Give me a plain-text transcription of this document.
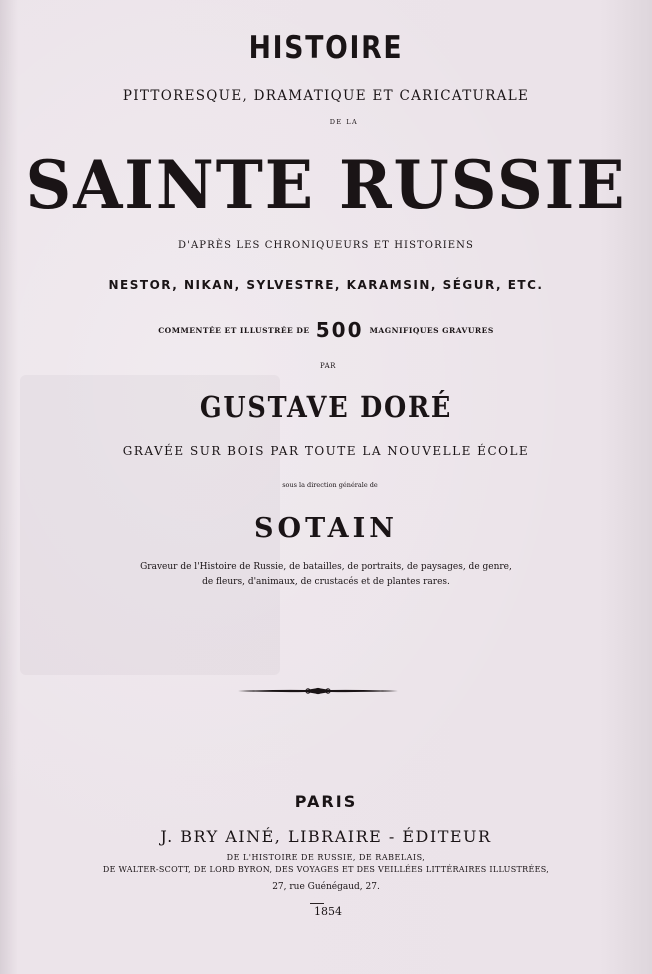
HISTOIRE
PITTORESQUE, DRAMATIQUE ET CARICATURALE
DE LA
SAINTE RUSSIE
D'APRÈS LES CHRONIQUEURS ET HISTORIENS
NESTOR, NIKAN, SYLVESTRE, KARAMSIN, SÉGUR, ETC.
COMMENTÉE ET ILLUSTRÉE DE 500 MAGNIFIQUES GRAVURES
PAR
GUSTAVE DORÉ
GRAVÉE SUR BOIS PAR TOUTE LA NOUVELLE ÉCOLE
sous la direction générale de
SOTAIN
Graveur de l'Histoire de Russie, de batailles, de portraits, de paysages, de genre,
de fleurs, d'animaux, de crustacés et de plantes rares.
PARIS
J. BRY AINÉ, LIBRAIRE - ÉDITEUR
DE L'HISTOIRE DE RUSSIE, DE RABELAIS,
DE WALTER-SCOTT, DE LORD BYRON, DES VOYAGES ET DES VEILLÉES LITTÉRAIRES ILLUSTRÉES,
27, rue Guénégaud, 27.
1854
